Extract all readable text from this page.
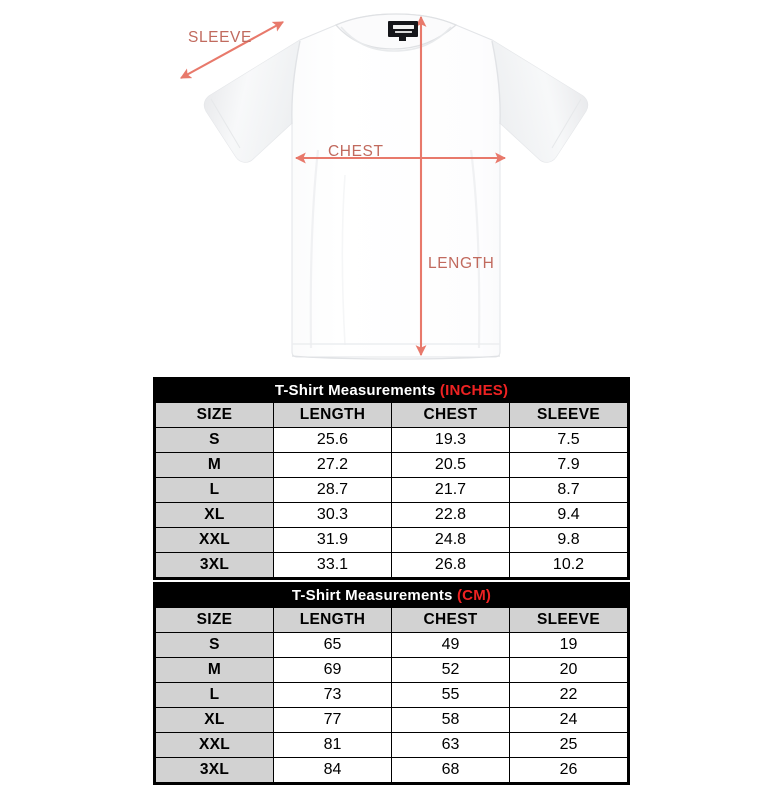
SLEEVE
CHEST
LENGTH
T-Shirt Measurements (INCHES)			
SIZE	LENGTH	CHEST	SLEEVE
S	25.6	19.3	7.5
M	27.2	20.5	7.9
L	28.7	21.7	8.7
XL	30.3	22.8	9.4
XXL	31.9	24.8	9.8
3XL	33.1	26.8	10.2
T-Shirt Measurements (CM)			
SIZE	LENGTH	CHEST	SLEEVE
S	65	49	19
M	69	52	20
L	73	55	22
XL	77	58	24
XXL	81	63	25
3XL	84	68	26
